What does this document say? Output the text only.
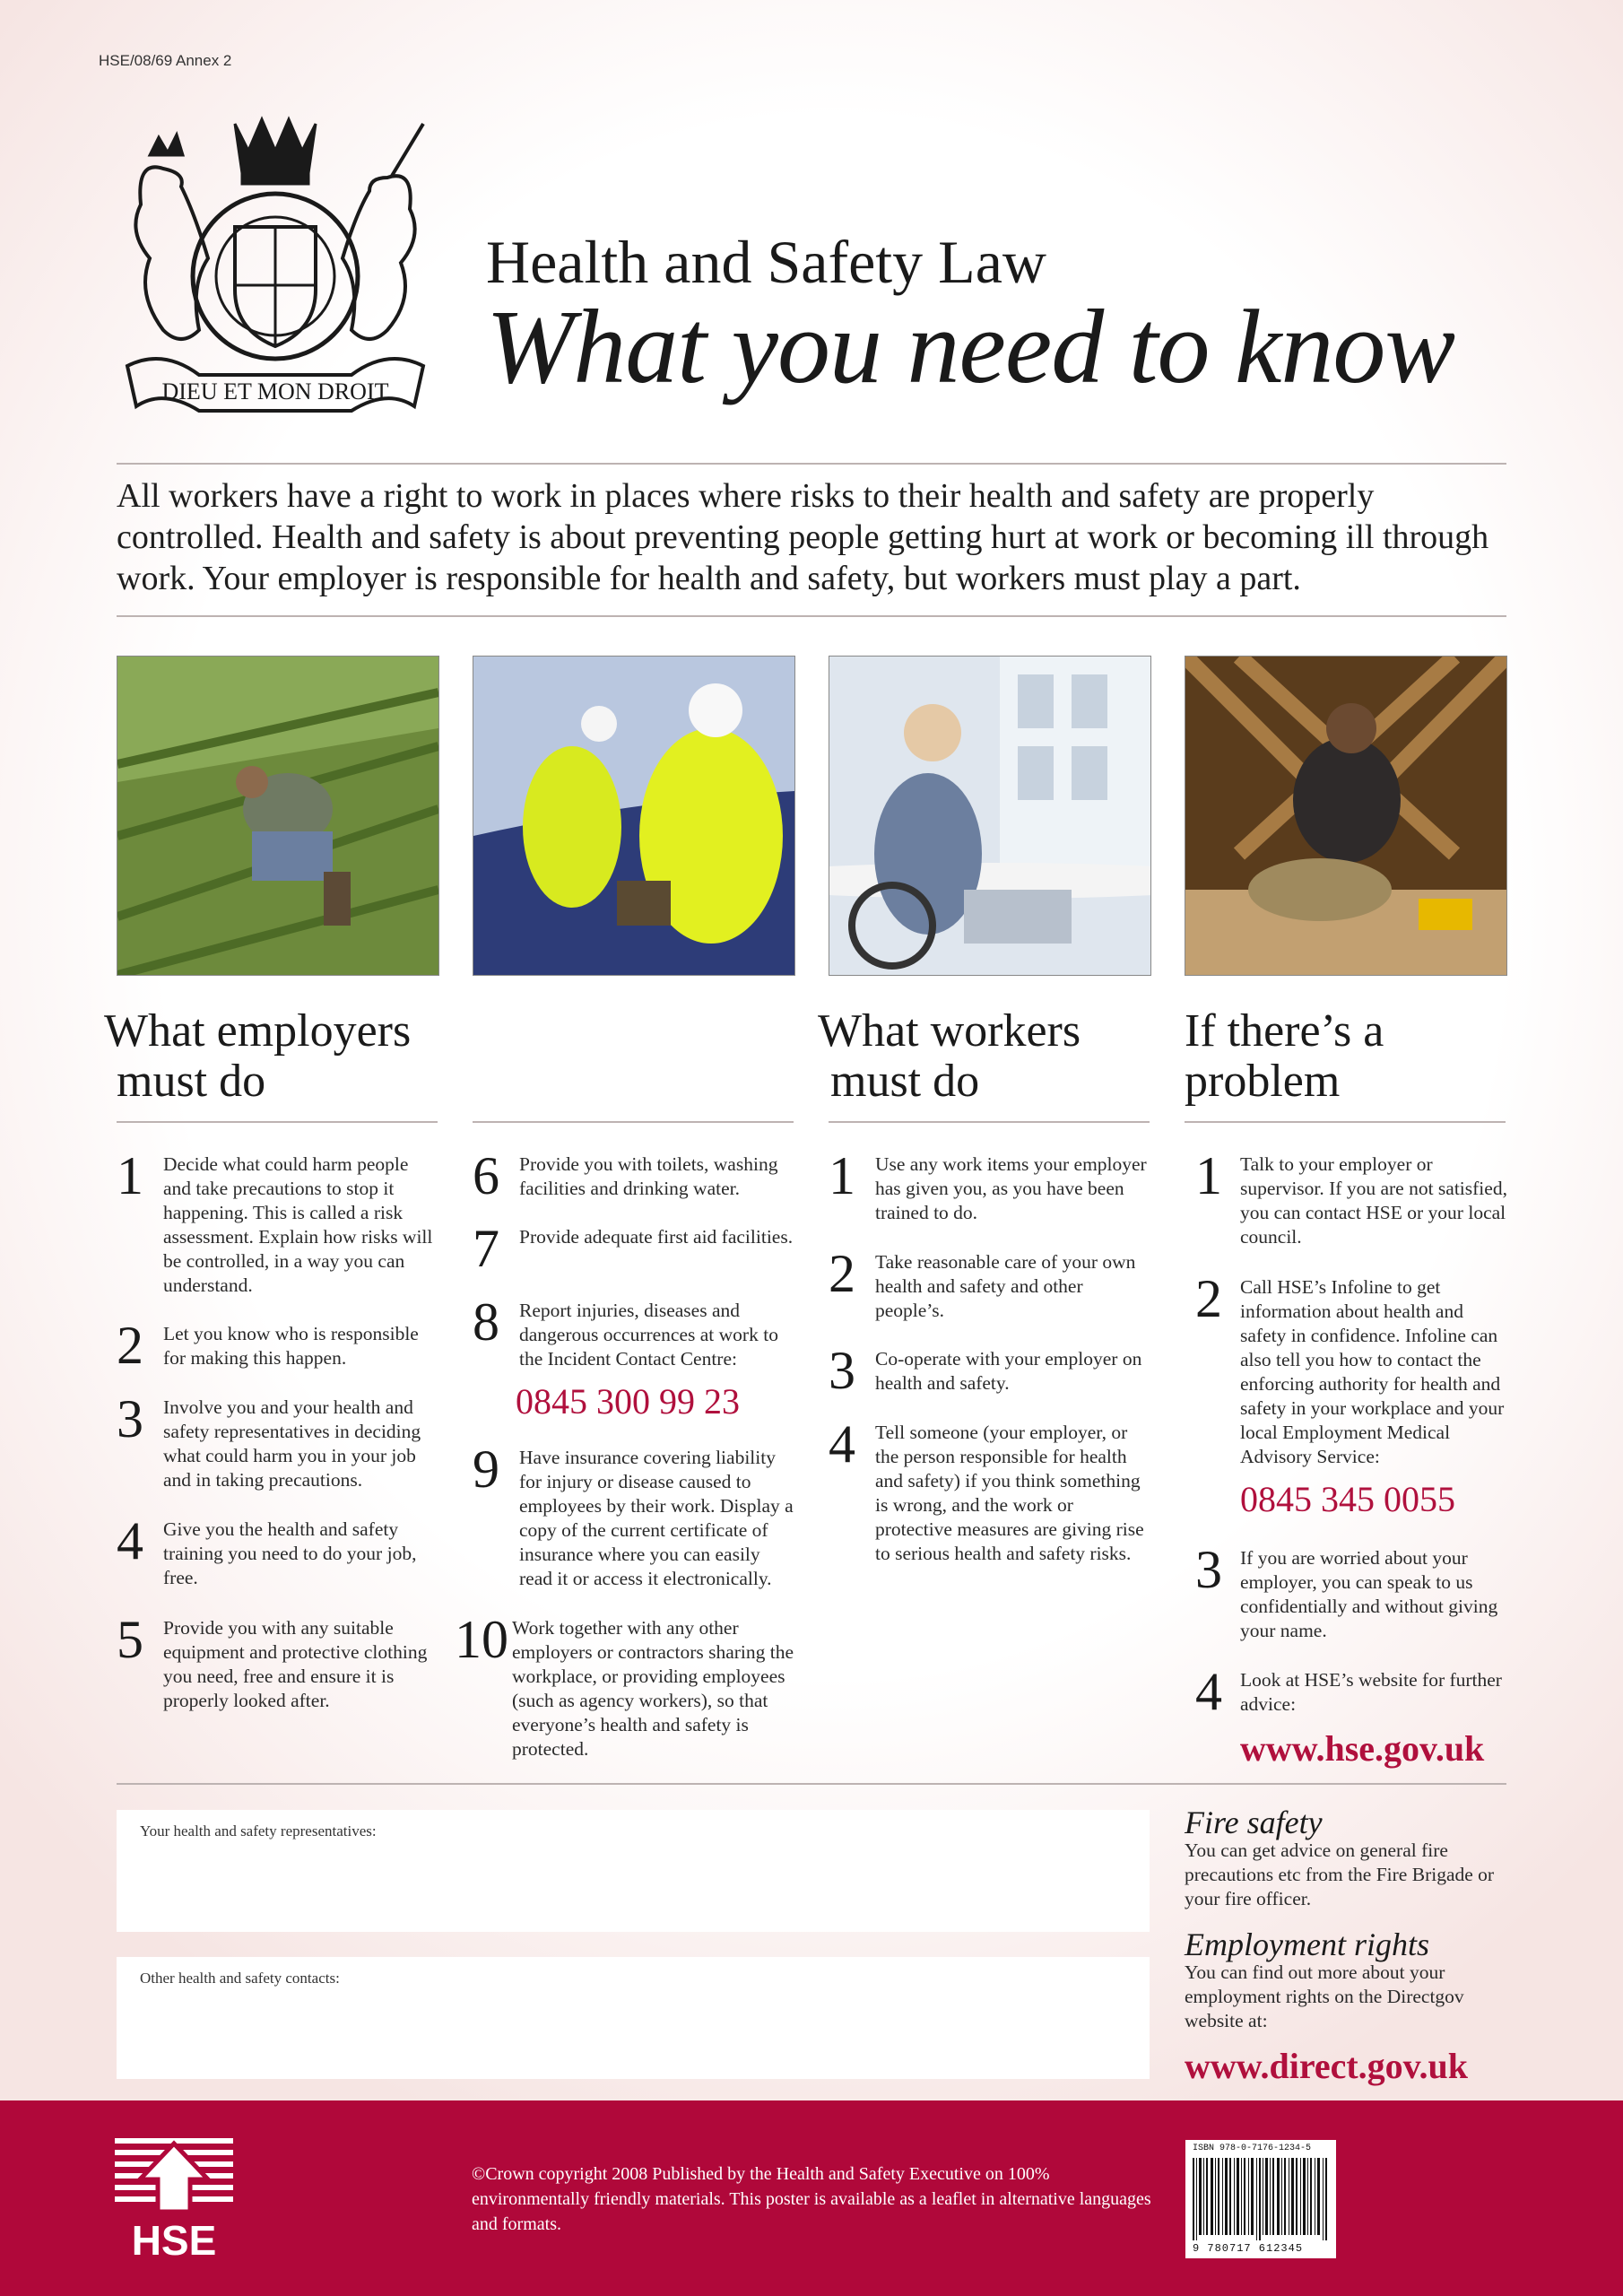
HSE/08/69 Annex 2
DIEU ET MON DROIT
Health and Safety Law
What you need to know
All workers have a right to work in places where risks to their health and safety are properly controlled. Health and safety is about preventing people getting hurt at work or becoming ill through work. Your employer is responsible for health and safety, but workers must play a part.
What employers
must do
What workers
must do
If there’s a
problem
1	Decide what could harm people and take precautions to stop it happening. This is called a risk assessment. Explain how risks will be controlled, in a way you can understand.
2	Let you know who is responsible for making this happen.
3	Involve you and your health and safety representatives in deciding what could harm you in your job and in taking precautions.
4	Give you the health and safety training you need to do your job, free.
5	Provide you with any suitable equipment and protective clothing you need, free and ensure it is properly looked after.
6	Provide you with toilets, washing facilities and drinking water.
7	Provide adequate first aid facilities.
8	Report injuries, diseases and dangerous occurrences at work to the Incident Contact Centre:
0845 300 99 23
9	Have insurance covering liability for injury or disease caused to employees by their work. Display a copy of the current certificate of insurance where you can easily read it or access it electronically.
10 Work together with any other employers or contractors sharing the workplace, or providing employees (such as agency workers), so that everyone’s health and safety is protected.
1	Use any work items your employer has given you, as you have been trained to do.
2	Take reasonable care of your own health and safety and other people’s.
3	Co-operate with your employer on health and safety.
4	Tell someone (your employer, or the person responsible for health and safety) if you think something is wrong, and the work or protective measures are giving rise to serious health and safety risks.
1 Talk to your employer or supervisor. If you are not satisfied, you can contact HSE or your local council.
2 Call HSE’s Infoline to get information about health and safety in confidence. Infoline can also tell you how to contact the enforcing authority for health and safety in your workplace and your local Employment Medical Advisory Service:
0845 345 0055
3 If you are worried about your employer, you can speak to us confidentially and without giving your name.
4 Look at HSE’s website for further advice:
www.hse.gov.uk
Your health and safety representatives:
Other health and safety contacts:
Fire safety
You can get advice on general fire precautions etc from the Fire Brigade or your fire officer.
Employment rights
You can find out more about your employment rights on the Directgov website at:
www.direct.gov.uk
HSE
©Crown copyright 2008 Published by the Health and Safety Executive on 100% environmentally friendly materials. This poster is available as a leaflet in alternative languages and formats.
ISBN 978-0-7176-1234-5
9 780717 612345
